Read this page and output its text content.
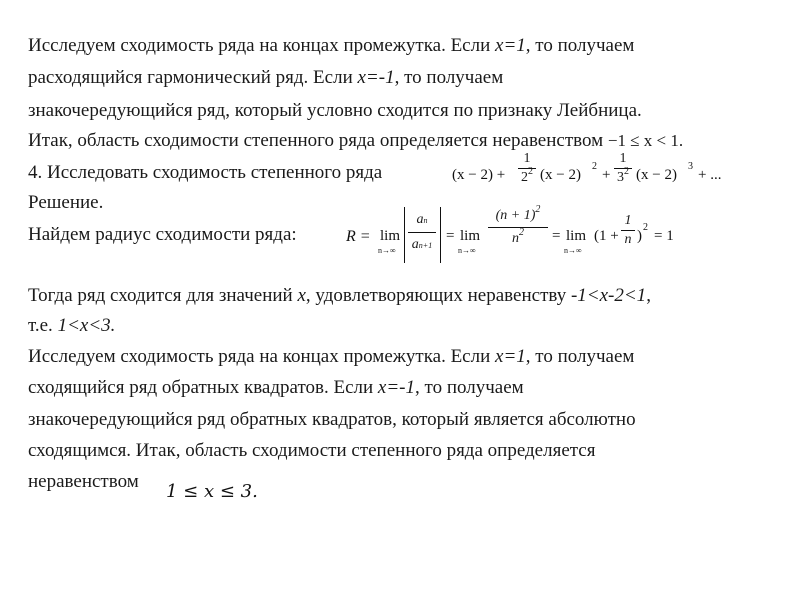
Исследуем сходимость ряда на концах промежутка. Если x=1, то получаем
расходящийся гармонический ряд. Если x=-1, то получаем
знакочередующийся ряд, который условно сходится по признаку Лейбница.
Итак, область сходимости степенного ряда определяется неравенством −1 ≤ x < 1.
4. Исследовать сходимость степенного ряда	(x − 2) +
1
$2^2$ (x − 2)
2
+
1
$3^2$ (x − 2)
3
+ ...
Решение.
Найдем радиус сходимости ряда:	R = lim
n→∞
an
an+1
= lim
n→∞
$(n + 1)^2$
$n^2$	= lim
n→∞
(1 +
1
n )
2
= 1
Тогда ряд сходится для значений x, удовлетворяющих неравенству -1<x-2<1,
т.е. 1<x<3.
Исследуем сходимость ряда на концах промежутка. Если x=1, то получаем
сходящийся ряд обратных квадратов. Если x=-1, то получаем
знакочередующийся ряд обратных квадратов, который является абсолютно
сходящимся. Итак, область сходимости степенного ряда определяется
неравенством 1 ≤ x ≤ 3.
